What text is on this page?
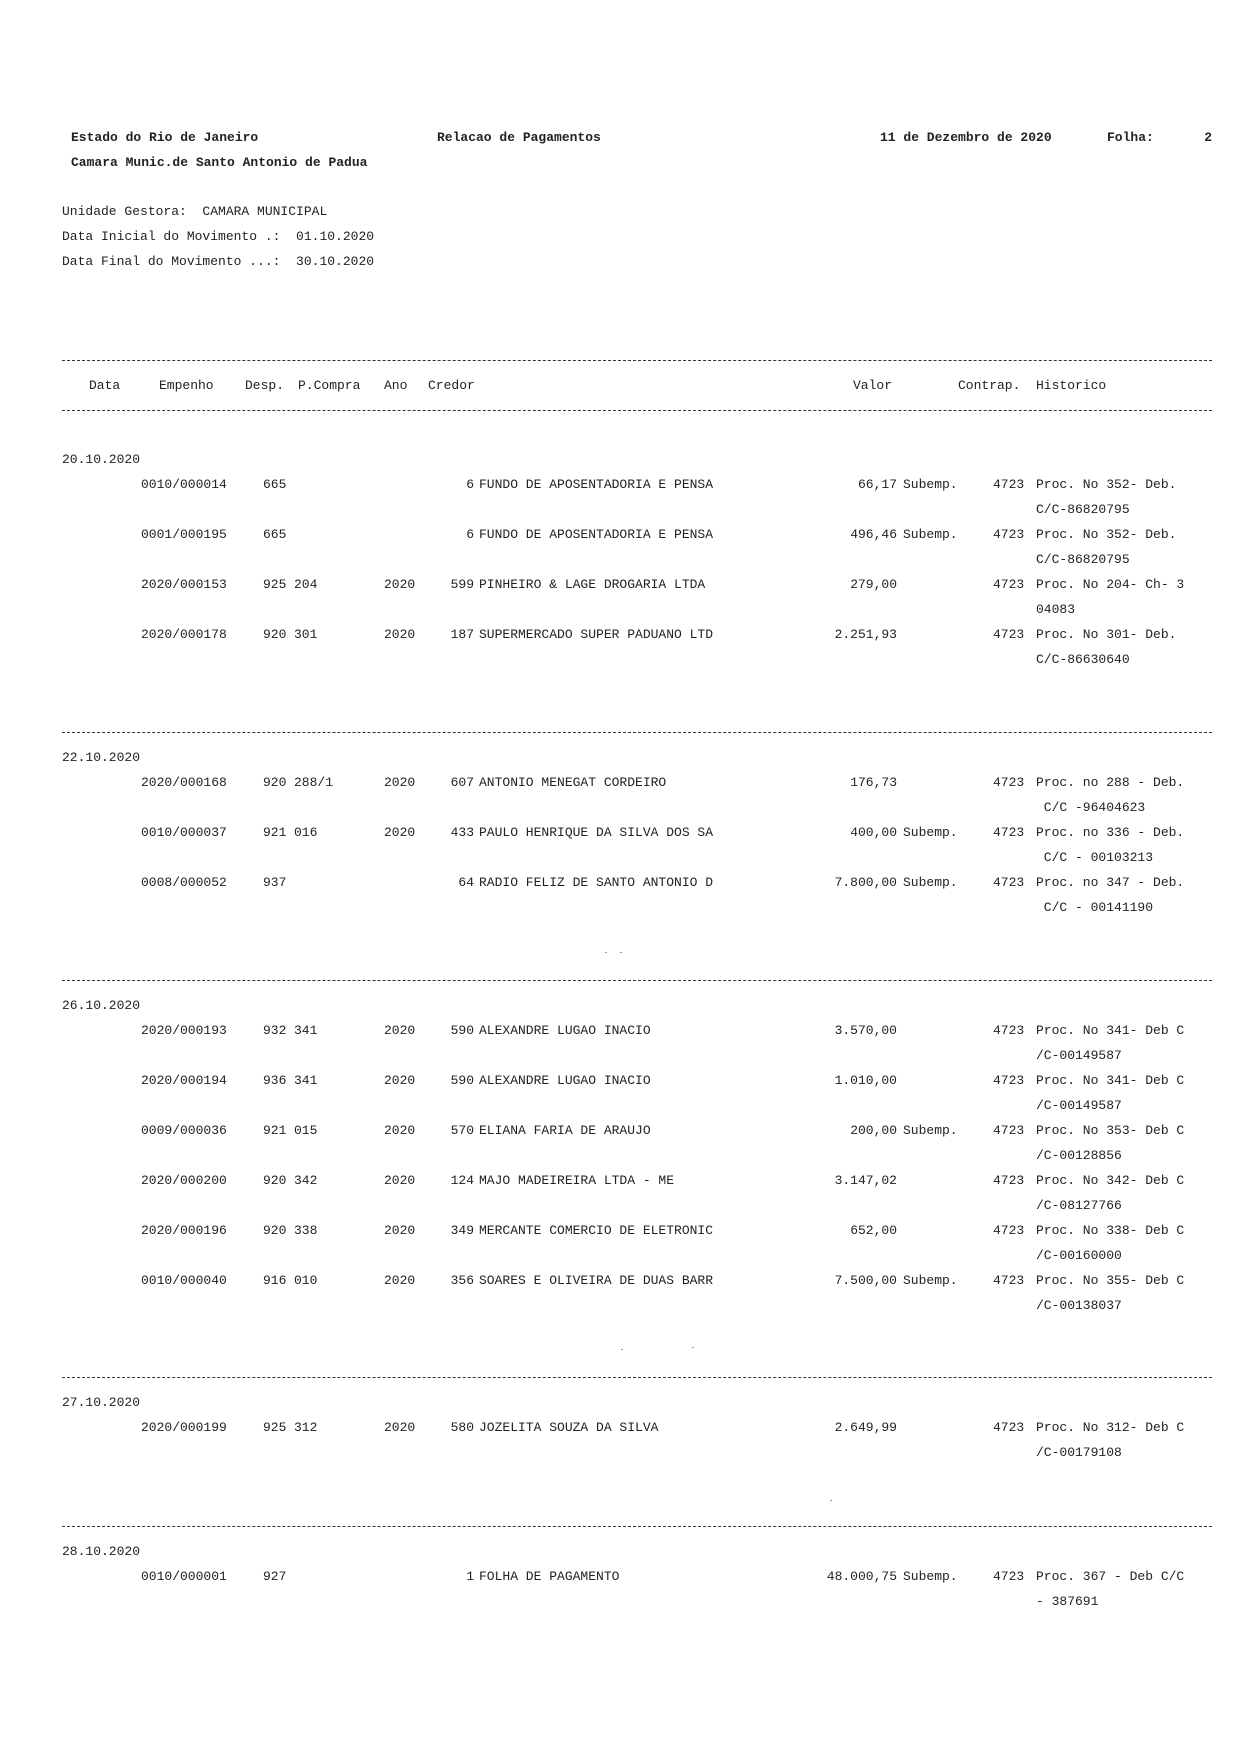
Estado do Rio de Janeiro	Relacao de Pagamentos	11 de Dezembro de 2020	Folha:	2
Camara Munic.de Santo Antonio de Padua
Unidade Gestora:  CAMARA MUNICIPAL
Data Inicial do Movimento .:  01.10.2020
Data Final do Movimento ...:  30.10.2020
Data	Empenho Desp. P.Compra Ano Credor	Valor	Contrap. Historico
20.10.2020
0010/000014	665	6 FUNDO DE APOSENTADORIA E PENSA	66,17 Subemp.	4723 Proc. No 352- Deb.
C/C-86820795
0001/000195	665	6 FUNDO DE APOSENTADORIA E PENSA	496,46 Subemp.	4723 Proc. No 352- Deb.
C/C-86820795
2020/000153	925 204	2020	599 PINHEIRO & LAGE DROGARIA LTDA	279,00	4723 Proc. No 204- Ch- 3
04083
2020/000178	920 301	2020	187 SUPERMERCADO SUPER PADUANO LTD	2.251,93	4723 Proc. No 301- Deb.
C/C-86630640
22.10.2020
2020/000168	920 288/1	2020	607 ANTONIO MENEGAT CORDEIRO	176,73	4723 Proc. no 288 - Deb.
C/C -96404623
0010/000037	921 016	2020	433 PAULO HENRIQUE DA SILVA DOS SA	400,00 Subemp.	4723 Proc. no 336 - Deb.
C/C - 00103213
0008/000052	937	64 RADIO FELIZ DE SANTO ANTONIO D	7.800,00 Subemp.	4723 Proc. no 347 - Deb.
C/C - 00141190
26.10.2020
2020/000193	932 341	2020	590 ALEXANDRE LUGAO INACIO	3.570,00	4723 Proc. No 341- Deb C
/C-00149587
2020/000194	936 341	2020	590 ALEXANDRE LUGAO INACIO	1.010,00	4723 Proc. No 341- Deb C
/C-00149587
0009/000036	921 015	2020	570 ELIANA FARIA DE ARAUJO	200,00 Subemp.	4723 Proc. No 353- Deb C
/C-00128856
2020/000200	920 342	2020	124 MAJO MADEIREIRA LTDA - ME	3.147,02	4723 Proc. No 342- Deb C
/C-08127766
2020/000196	920 338	2020	349 MERCANTE COMERCIO DE ELETRONIC	652,00	4723 Proc. No 338- Deb C
/C-00160000
0010/000040	916 010	2020	356 SOARES E OLIVEIRA DE DUAS BARR	7.500,00 Subemp.	4723 Proc. No 355- Deb C
/C-00138037
27.10.2020
2020/000199	925 312	2020	580 JOZELITA SOUZA DA SILVA	2.649,99	4723 Proc. No 312- Deb C
/C-00179108
28.10.2020
0010/000001	927	1 FOLHA DE PAGAMENTO	48.000,75 Subemp.	4723 Proc. 367 - Deb C/C
- 387691
